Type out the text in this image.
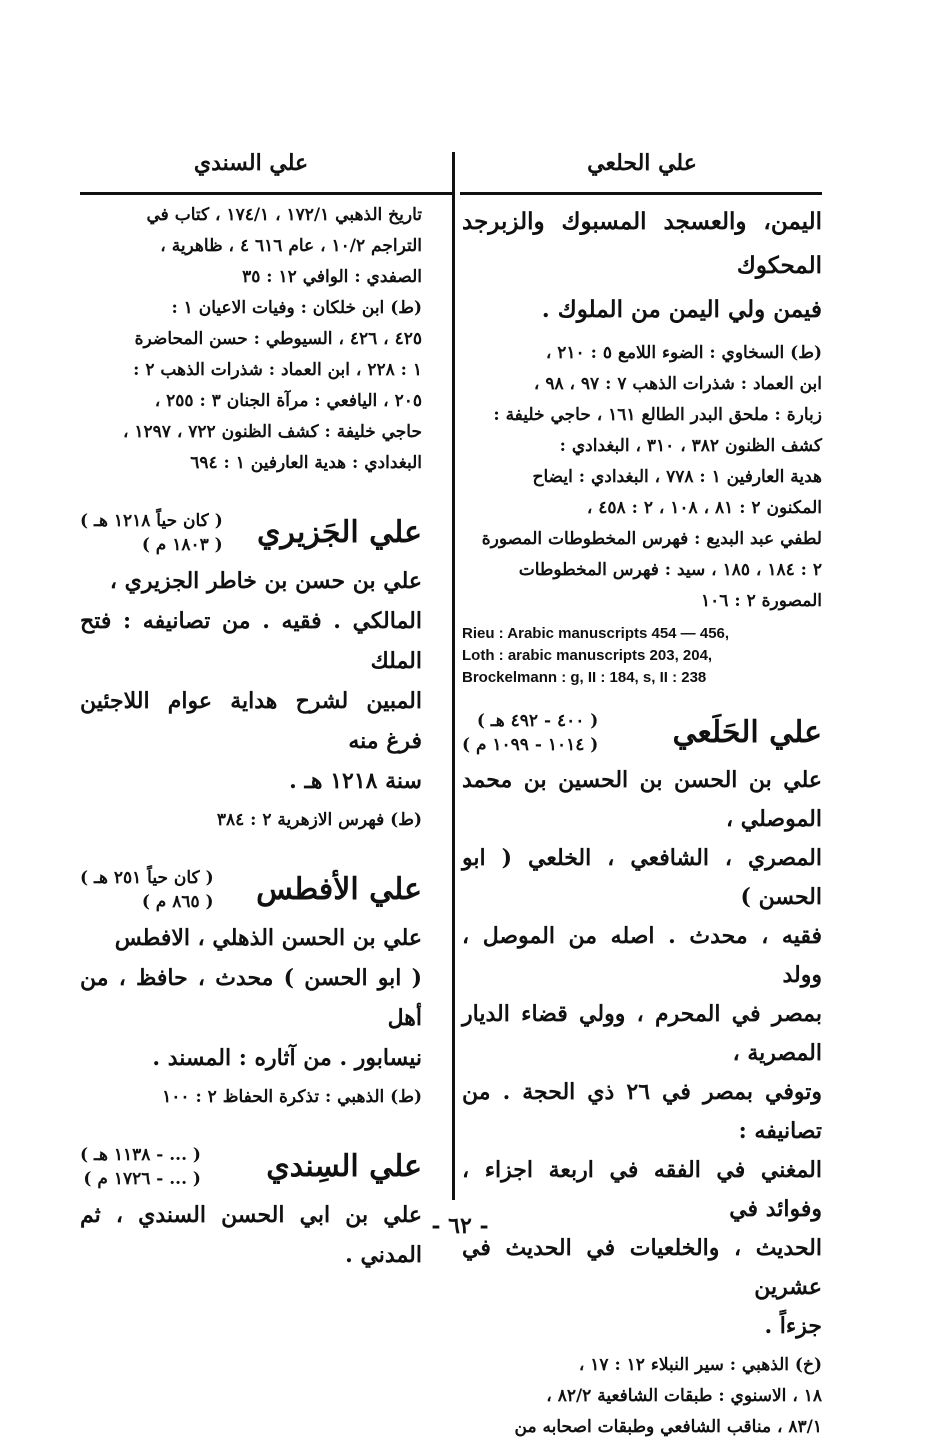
علي الحلعي
علي السندي

اليمن، والعسجد المسبوك والزبرجد المحكوك

فيمن ولي اليمن من الملوك .

(ط) السخاوي : الضوء اللامع ٥ : ٢١٠ ،

ابن العماد : شذرات الذهب ٧ : ٩٧ ، ٩٨ ،

زبارة : ملحق البدر الطالع ١٦١ ، حاجي خليفة :

كشف الظنون ٣٨٢ ، ٣١٠ ، البغدادي :

هدية العارفين ١ : ٧٧٨ ، البغدادي : ايضاح

المكنون ٢ : ٨١ ، ١٠٨ ، ٢ : ٤٥٨ ،

لطفي عبد البديع : فهرس المخطوطات المصورة

٢ : ١٨٤ ، ١٨٥ ، سيد : فهرس المخطوطات

المصورة ٢ : ١٠٦

Rieu : Arabic manuscripts 454 — 456,

Loth : arabic manuscripts 203, 204,

Brockelmann : g, II : 184, s, II : 238

علي الحَلَعي
( ٤٠٠ - ٤٩٢ هـ )
( ١٠١٤ - ١٠٩٩ م )

علي بن الحسن بن الحسين بن محمد الموصلي ،

المصري ، الشافعي ، الخلعي ( ابو الحسن )

فقيه ، محدث . اصله من الموصل ، وولد

بمصر في المحرم ، وولي قضاء الديار المصرية ،

وتوفي بمصر في ٢٦ ذي الحجة . من تصانيفه :

المغني في الفقه في اربعة اجزاء ، وفوائد في

الحديث ، والخلعيات في الحديث في عشرين

جزءاً .

(خ) الذهبي : سير النبلاء ١٢ : ١٧ ،

١٨ ، الاسنوي : طبقات الشافعية ٨٢/٢ ،

٨٣/١ ، مناقب الشافعي وطبقات اصحابه من

تاريخ الذهبي ١٧٢/١ ، ١٧٤/١ ، كتاب في

التراجم ١٠/٢ ، عام ٦١٦ ٤ ، ظاهرية ،

الصفدي : الوافي ١٢ : ٣٥

(ط) ابن خلكان : وفيات الاعيان ١ :

٤٢٥ ، ٤٢٦ ، السيوطي : حسن المحاضرة

١ : ٢٢٨ ، ابن العماد : شذرات الذهب ٢ :

٢٠٥ ، اليافعي : مرآة الجنان ٣ : ٢٥٥ ،

حاجي خليفة : كشف الظنون ٧٢٢ ، ١٢٩٧ ،

البغدادي : هدية العارفين ١ : ٦٩٤

علي الجَزيري
( كان حياً ١٢١٨ هـ )
( ١٨٠٣ م )

علي بن حسن بن خاطر الجزيري ،

المالكي . فقيه . من تصانيفه : فتح الملك

المبين لشرح هداية عوام اللاجئين فرغ منه

سنة ١٢١٨ هـ .

(ط) فهرس الازهرية ٢ : ٣٨٤

علي الأفطس
( كان حياً ٢٥١ هـ )
( ٨٦٥ م )

علي بن الحسن الذهلي ، الافطس

( ابو الحسن ) محدث ، حافظ ، من أهل

نيسابور . من آثاره : المسند .

(ط) الذهبي : تذكرة الحفاظ ٢ : ١٠٠

علي السِندي
( ... - ١١٣٨ هـ )
( ... - ١٧٢٦ م )

علي بن ابي الحسن السندي ، ثم المدني .

- ٦٢ -
